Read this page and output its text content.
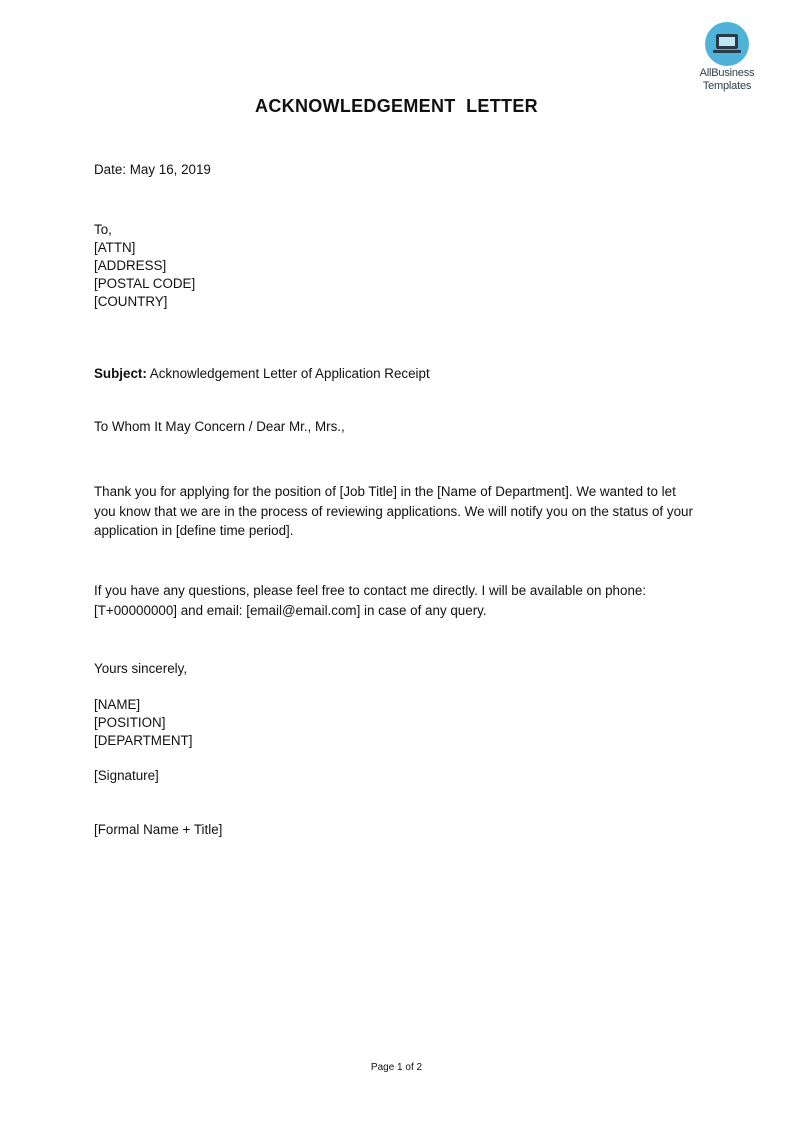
AllBusiness
Templates
ACKNOWLEDGEMENT  LETTER
Date: May 16, 2019
To,
[ATTN]
[ADDRESS]
[POSTAL CODE]
[COUNTRY]
Subject: Acknowledgement Letter of Application Receipt
To Whom It May Concern / Dear Mr., Mrs.,
Thank you for applying for the position of [Job Title] in the [Name of Department]. We wanted to let you know that we are in the process of reviewing applications. We will notify you on the status of your application in [define time period].
If you have any questions, please feel free to contact me directly. I will be available on phone: [T+00000000] and email: [email@email.com] in case of any query.
Yours sincerely,
[NAME]
[POSITION]
[DEPARTMENT]
[Signature]
[Formal Name + Title]
Page 1 of 2
